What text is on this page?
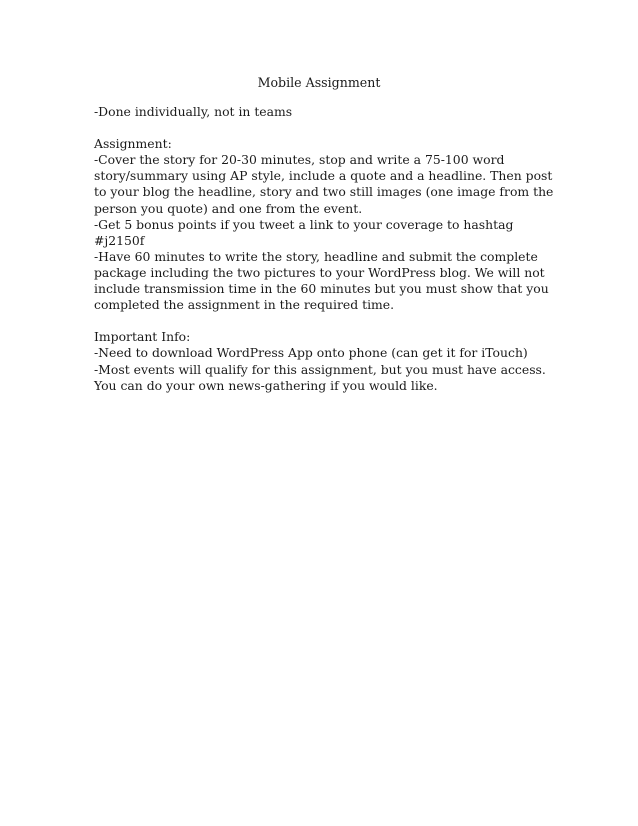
Mobile Assignment

-Done individually, not in teams

Assignment:

-Cover the story for 20-30 minutes, stop and write a 75-100 word story/summary using AP style, include a quote and a headline. Then post to your blog the headline, story and two still images (one image from the person you quote) and one from the event.

-Get 5 bonus points if you tweet a link to your coverage to hashtag #j2150f

-Have 60 minutes to write the story, headline and submit the complete package including the two pictures to your WordPress blog. We will not include transmission time in the 60 minutes but you must show that you completed the assignment in the required time.

Important Info:

-Need to download WordPress App onto phone (can get it for iTouch)

-Most events will qualify for this assignment, but you must have access. You can do your own news-gathering if you would like.
